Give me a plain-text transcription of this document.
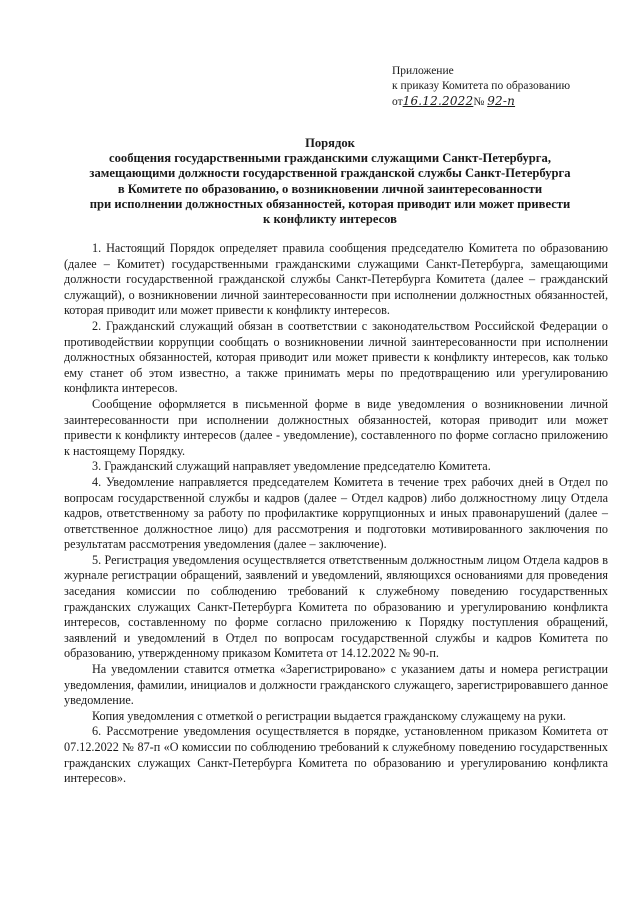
Приложение
к приказу Комитета по образованию
от16.12.2022№ 92-п
Порядок
сообщения государственными гражданскими служащими Санкт-Петербурга,
замещающими должности государственной гражданской службы Санкт-Петербурга
в Комитете по образованию, о возникновении личной заинтересованности
при исполнении должностных обязанностей, которая приводит или может привести
к конфликту интересов

1. Настоящий Порядок определяет правила сообщения председателю Комитета по образованию (далее – Комитет) государственными гражданскими служащими Санкт-Петербурга, замещающими должности государственной гражданской службы Санкт-Петербурга Комитета (далее – гражданский служащий), о возникновении личной заинтересованности при исполнении должностных обязанностей, которая приводит или может привести к конфликту интересов.

2. Гражданский служащий обязан в соответствии с законодательством Российской Федерации о противодействии коррупции сообщать о возникновении личной заинтересованности при исполнении должностных обязанностей, которая приводит или может привести к конфликту интересов, как только ему станет об этом известно, а также принимать меры по предотвращению или урегулированию конфликта интересов.

Сообщение оформляется в письменной форме в виде уведомления о возникновении личной заинтересованности при исполнении должностных обязанностей, которая приводит или может привести к конфликту интересов (далее - уведомление), составленного по форме согласно приложению к настоящему Порядку.

3. Гражданский служащий направляет уведомление председателю Комитета.

4. Уведомление направляется председателем Комитета в течение трех рабочих дней в Отдел по вопросам государственной службы и кадров (далее – Отдел кадров) либо должностному лицу Отдела кадров, ответственному за работу по профилактике коррупционных и иных правонарушений (далее – ответственное должностное лицо) для рассмотрения и подготовки мотивированного заключения по результатам рассмотрения уведомления (далее – заключение).

5. Регистрация уведомления осуществляется ответственным должностным лицом Отдела кадров в журнале регистрации обращений, заявлений и уведомлений, являющихся основаниями для проведения заседания комиссии по соблюдению требований к служебному поведению государственных гражданских служащих Санкт-Петербурга Комитета по образованию и урегулированию конфликта интересов, составленному по форме согласно приложению к Порядку поступления обращений, заявлений и уведомлений в Отдел по вопросам государственной службы и кадров Комитета по образованию, утвержденному приказом Комитета от 14.12.2022 № 90-п.

На уведомлении ставится отметка «Зарегистрировано» с указанием даты и номера регистрации уведомления, фамилии, инициалов и должности гражданского служащего, зарегистрировавшего данное уведомление.

Копия уведомления с отметкой о регистрации выдается гражданскому служащему на руки.

6. Рассмотрение уведомления осуществляется в порядке, установленном приказом Комитета от 07.12.2022 № 87-п «О комиссии по соблюдению требований к служебному поведению государственных гражданских служащих Санкт-Петербурга Комитета по образованию и урегулированию конфликта интересов».
